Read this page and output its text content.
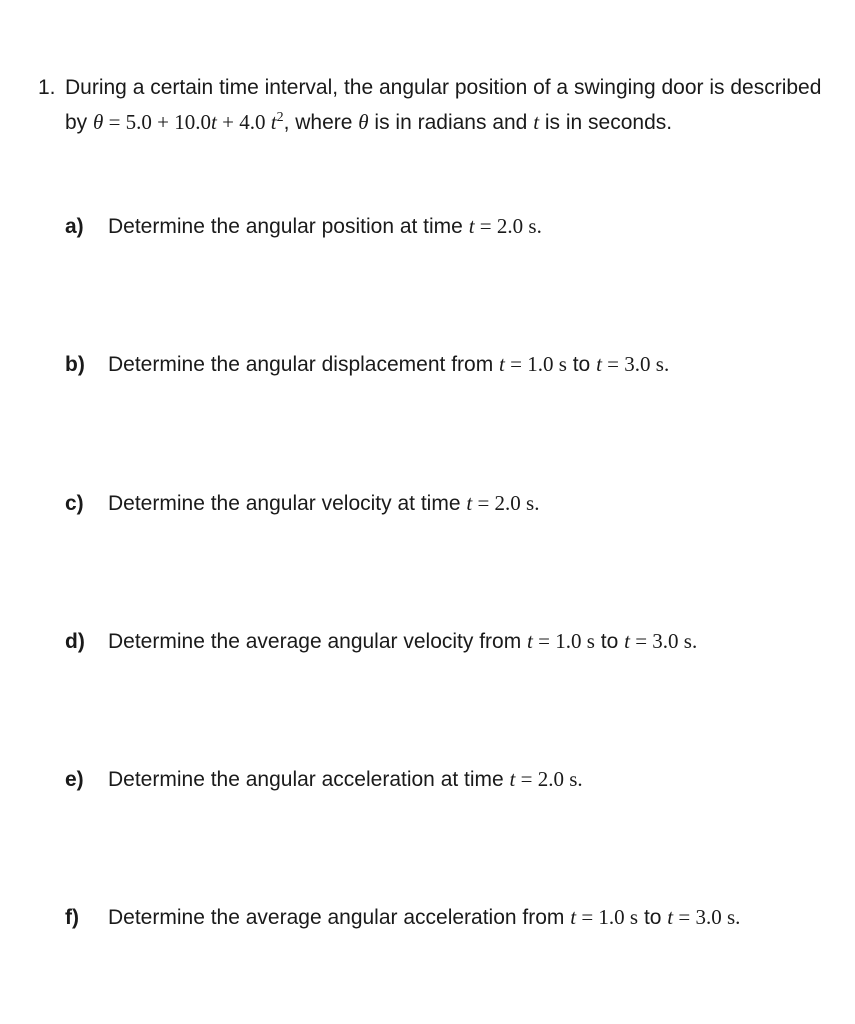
1. During a certain time interval, the angular position of a swinging door is described by θ = 5.0 + 10.0t + 4.0 $t^2$, where θ is in radians and t is in seconds.
a) Determine the angular position at time t = 2.0 s.
b) Determine the angular displacement from t = 1.0 s to t = 3.0 s.
c) Determine the angular velocity at time t = 2.0 s.
d) Determine the average angular velocity from t = 1.0 s to t = 3.0 s.
e) Determine the angular acceleration at time t = 2.0 s.
f) Determine the average angular acceleration from t = 1.0 s to t = 3.0 s.
